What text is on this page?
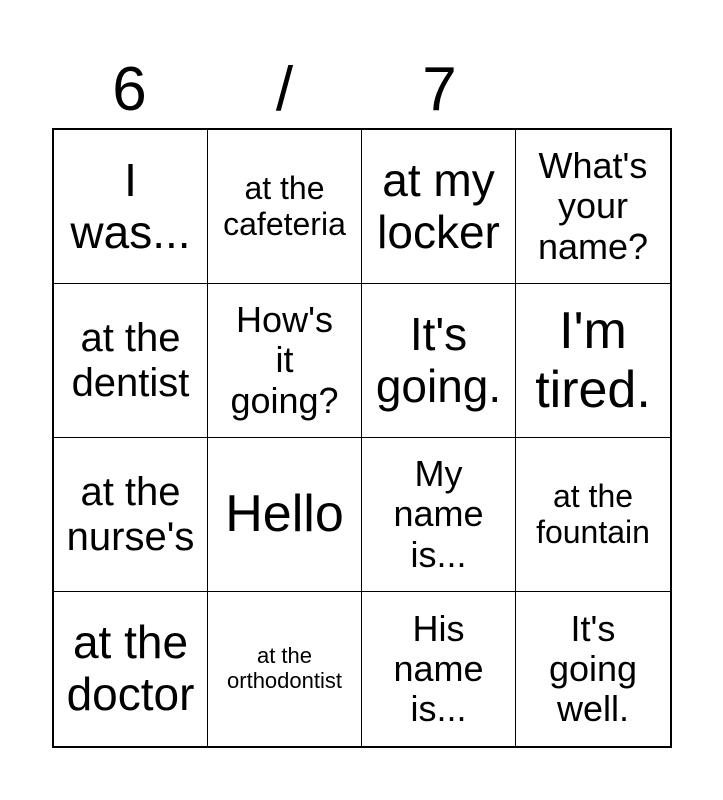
6	/	7
I
was...
at the
cafeteria
at my
locker
What's
your
name?
at the
dentist
How's
it
going?
It's
going.
I'm
tired.
at the
nurse's Hello
My
name
is...
at the
fountain
at the
doctor
at the
orthodontist
His
name
is...
It's
going
well.
